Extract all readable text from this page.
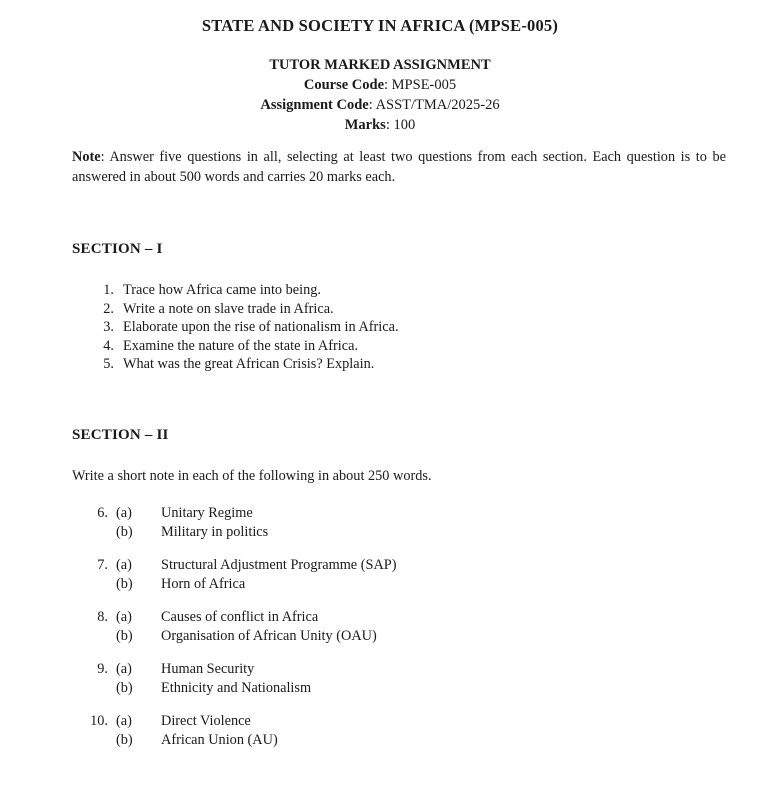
STATE AND SOCIETY IN AFRICA (MPSE-005)
TUTOR MARKED ASSIGNMENT
Course Code: MPSE-005
Assignment Code: ASST/TMA/2025-26
Marks: 100
Note: Answer five questions in all, selecting at least two questions from each section. Each question is to be answered in about 500 words and carries 20 marks each.
SECTION – I
1. Trace how Africa came into being.
2. Write a note on slave trade in Africa.
3. Elaborate upon the rise of nationalism in Africa.
4. Examine the nature of the state in Africa.
5. What was the great African Crisis? Explain.
SECTION – II
Write a short note in each of the following in about 250 words.
6. (a)	Unitary Regime
(b)	Military in politics
7. (a)	Structural Adjustment Programme (SAP)
(b)	Horn of Africa
8. (a)	Causes of conflict in Africa
(b)	Organisation of African Unity (OAU)
9. (a)	Human Security
(b)	Ethnicity and Nationalism
10. (a)	Direct Violence
(b)	African Union (AU)
